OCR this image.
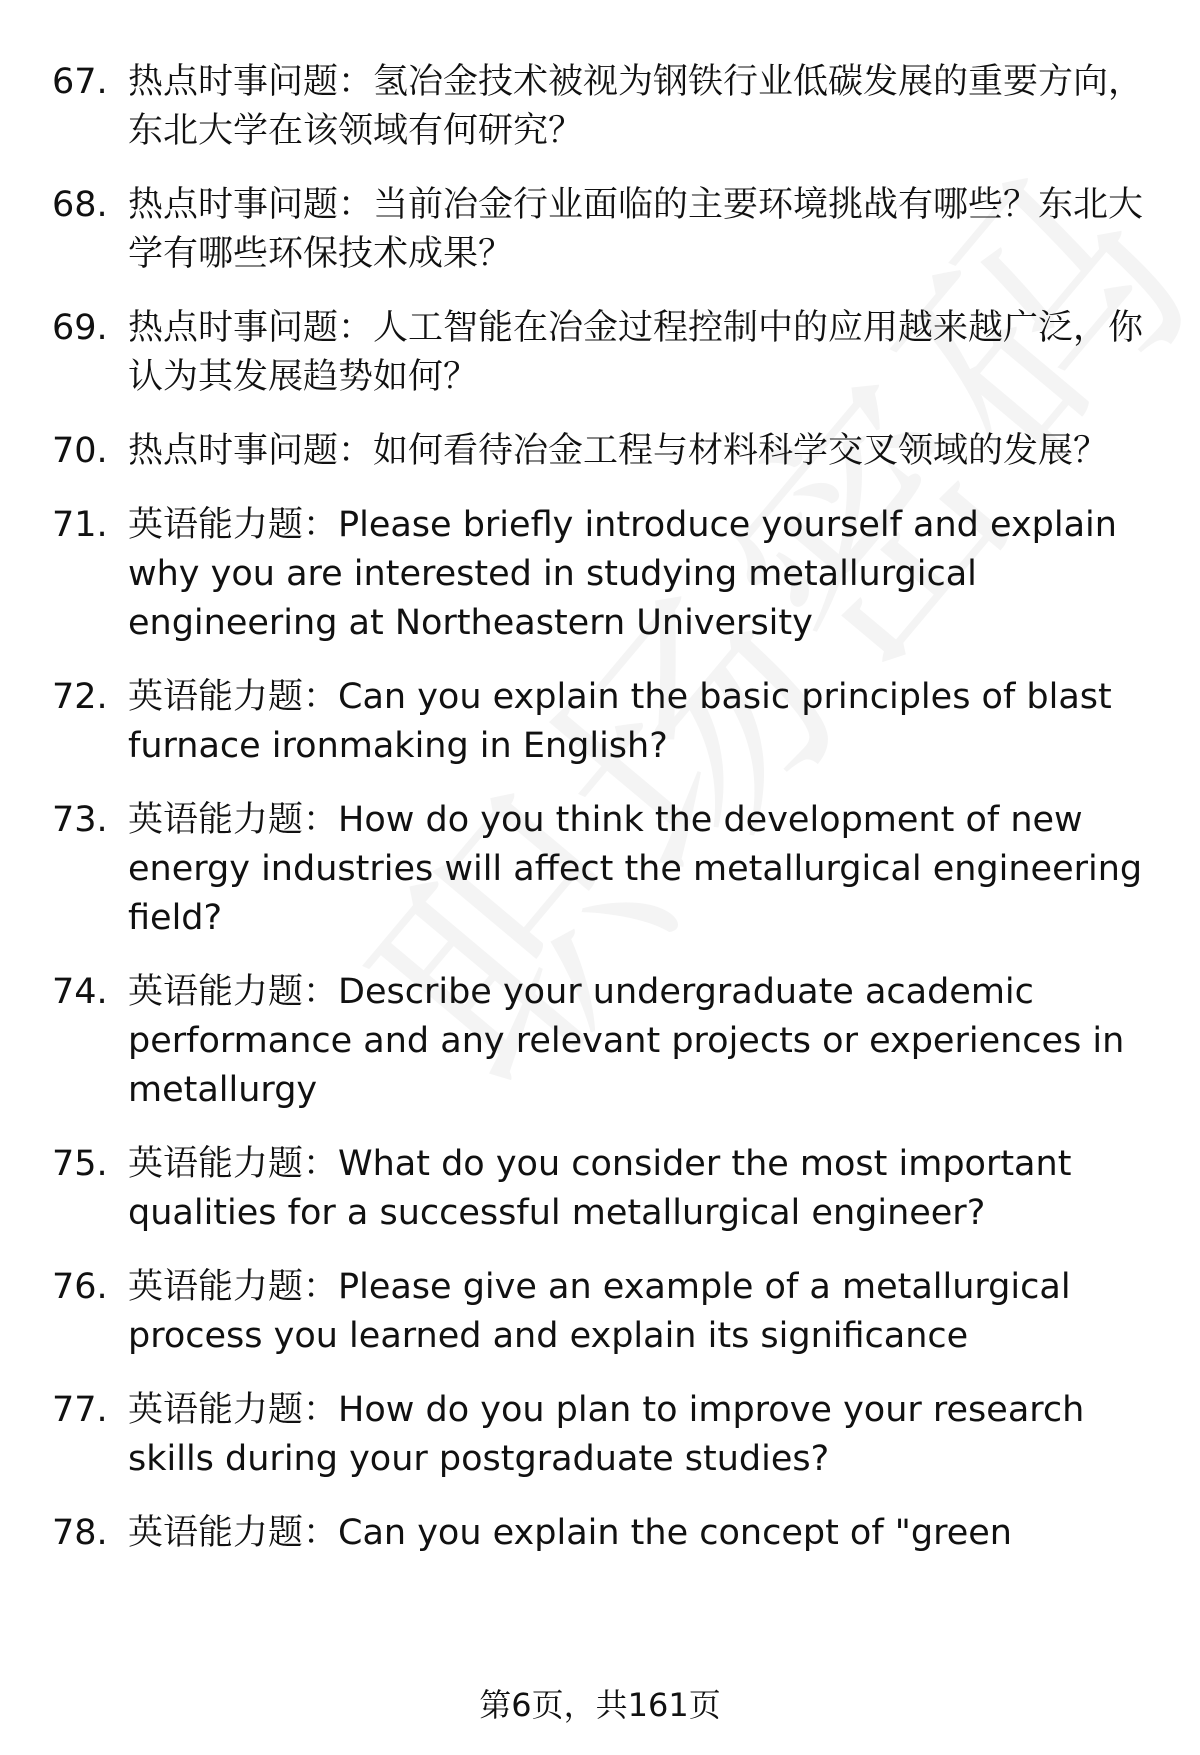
67. 热点时事问题：氢冶金技术被视为钢铁行业低碳发展的重要方向，东北大学在该领域有何研究？
68. 热点时事问题：当前冶金行业面临的主要环境挑战有哪些？东北大学有哪些环保技术成果？
69. 热点时事问题：人工智能在冶金过程控制中的应用越来越广泛，你认为其发展趋势如何？
70. 热点时事问题：如何看待冶金工程与材料科学交叉领域的发展？
71. 英语能力题：Please briefly introduce yourself and explain why you are interested in studying metallurgical engineering at Northeastern University
72. 英语能力题：Can you explain the basic principles of blast furnace ironmaking in English?
73. 英语能力题：How do you think the development of new energy industries will affect the metallurgical engineering field?
74. 英语能力题：Describe your undergraduate academic performance and any relevant projects or experiences in metallurgy
75. 英语能力题：What do you consider the most important qualities for a successful metallurgical engineer?
76. 英语能力题：Please give an example of a metallurgical process you learned and explain its significance
77. 英语能力题：How do you plan to improve your research skills during your postgraduate studies?
78. 英语能力题：Can you explain the concept of "green
第6页，共161页
